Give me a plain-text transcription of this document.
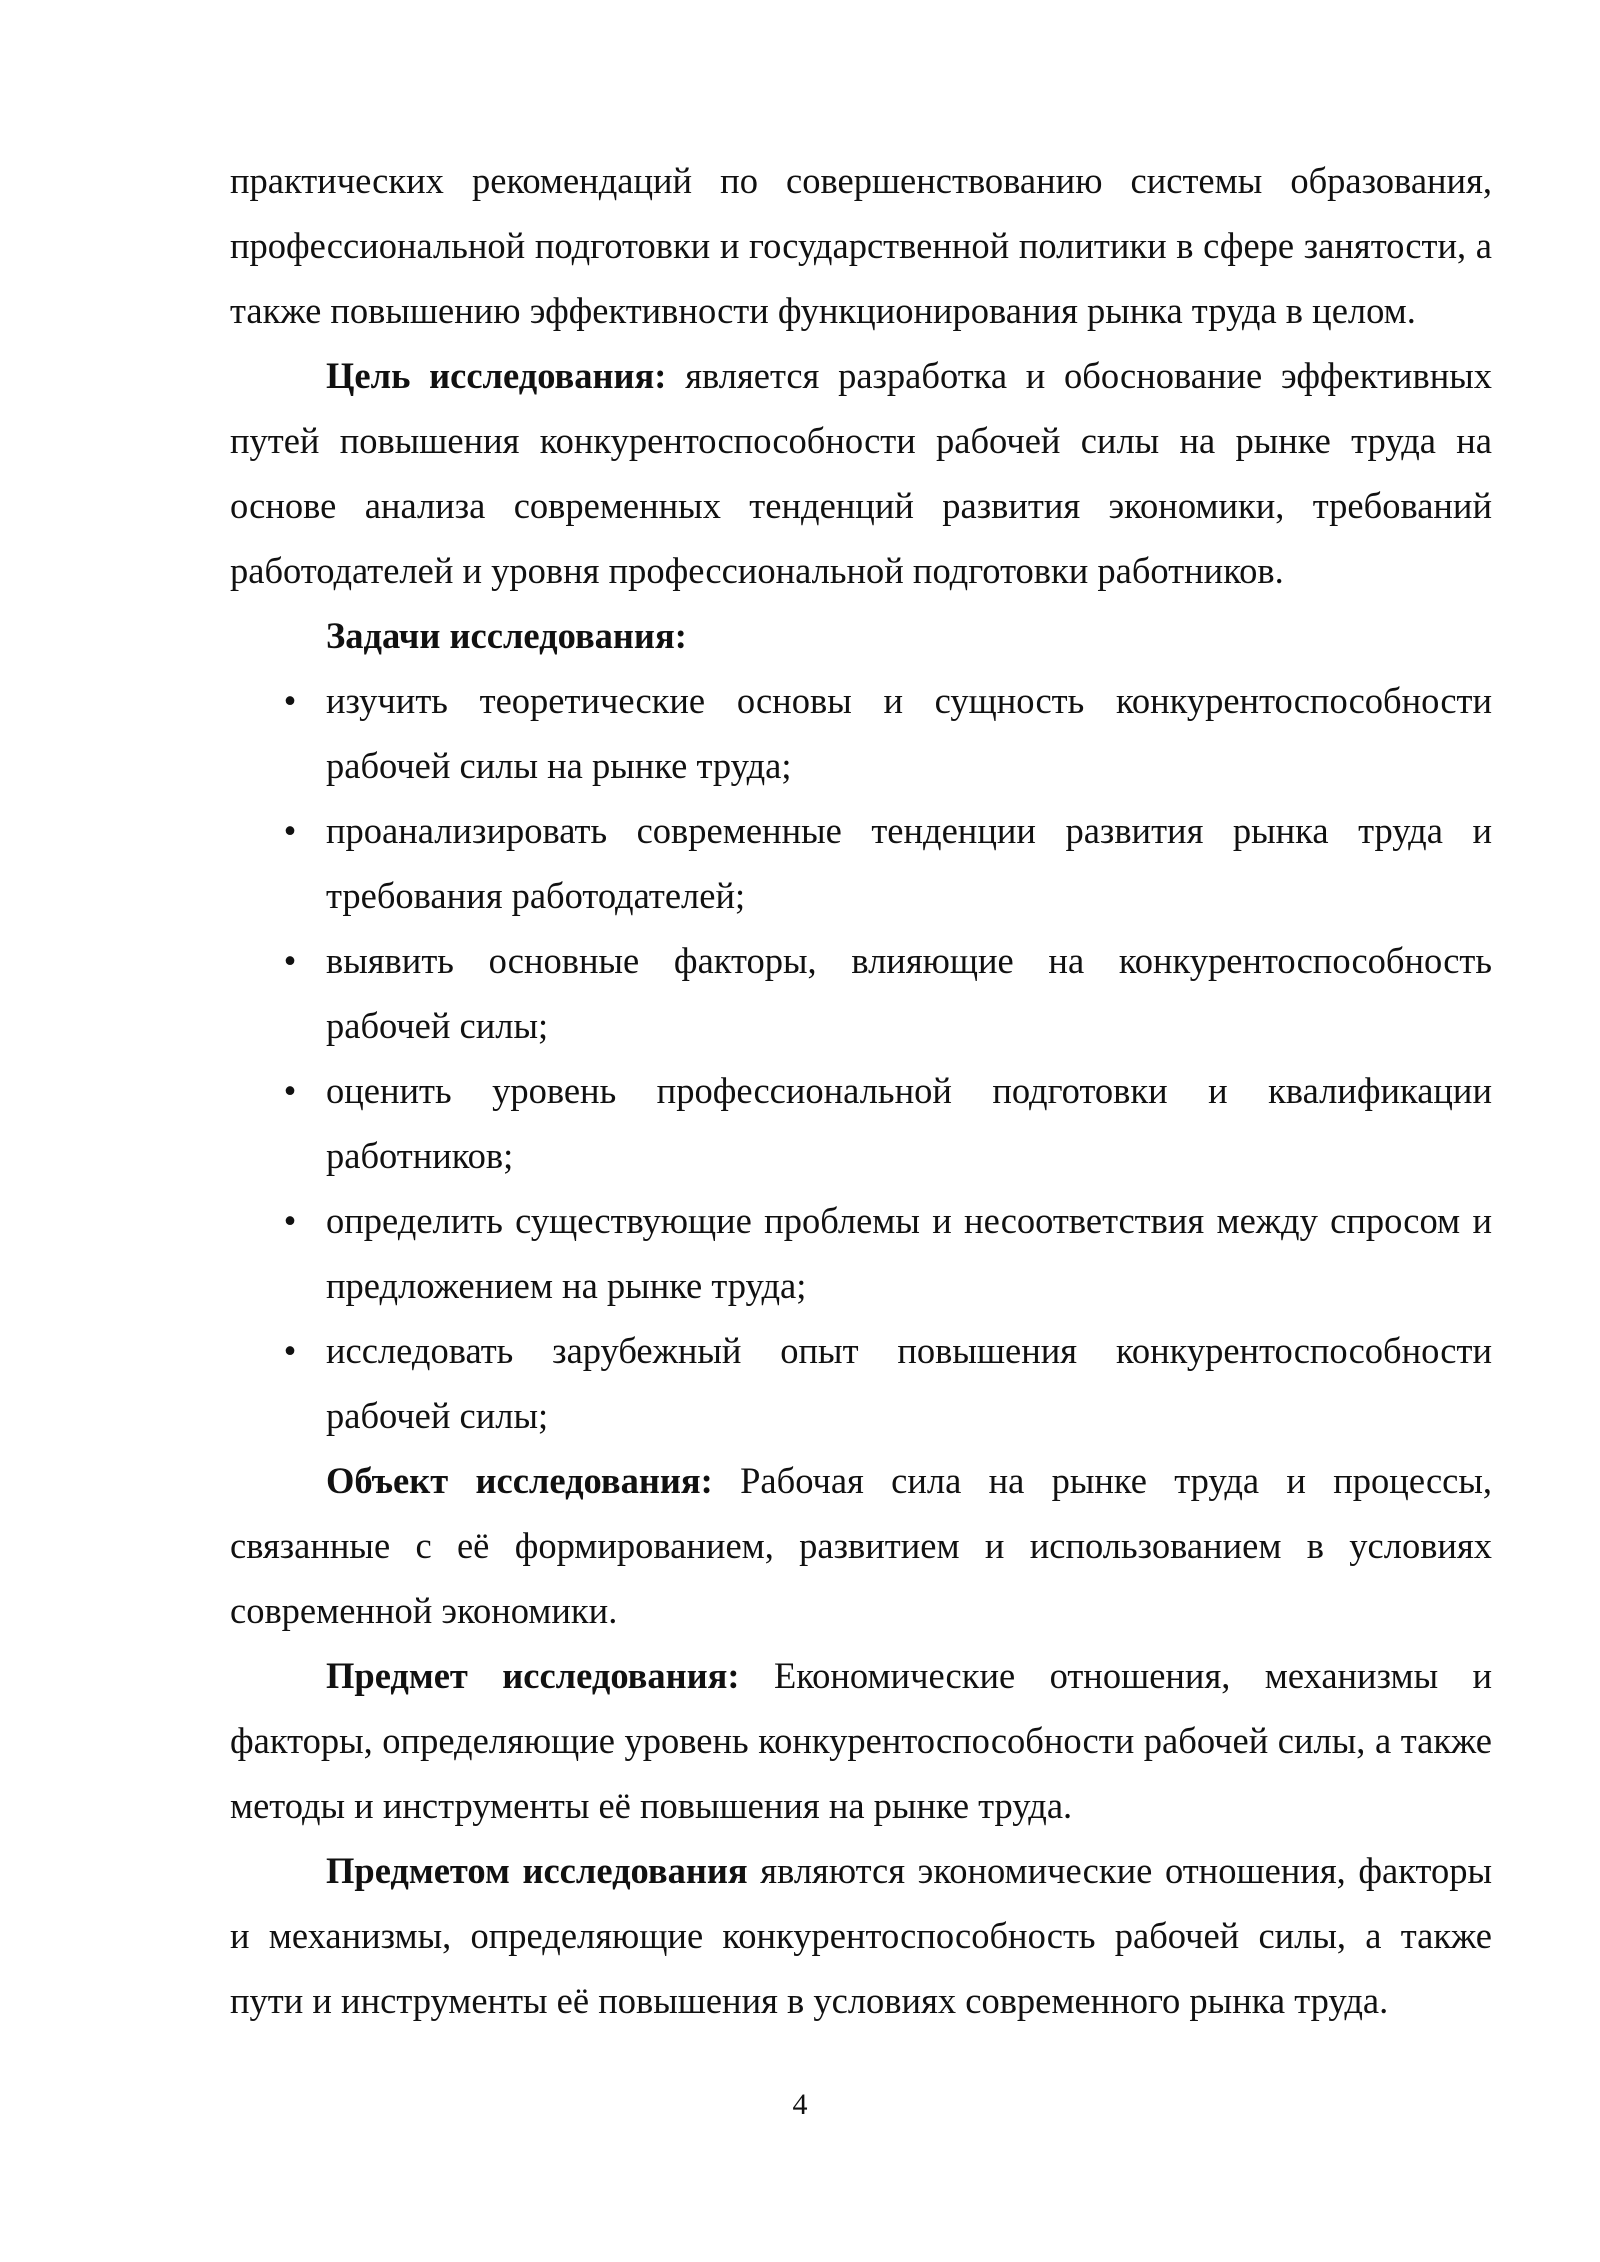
практических рекомендаций по совершенствованию системы образования, профессиональной подготовки и государственной политики в сфере занятости, а также повышению эффективности функционирования рынка труда в целом.

Цель исследования: является разработка и обоснование эффективных путей повышения конкурентоспособности рабочей силы на рынке труда на основе анализа современных тенденций развития экономики, требований работодателей и уровня профессиональной подготовки работников.

Задачи исследования:

• изучить теоретические основы и сущность конкурентоспособности рабочей силы на рынке труда;
• проанализировать современные тенденции развития рынка труда и требования работодателей;
• выявить основные факторы, влияющие на конкурентоспособность рабочей силы;
• оценить уровень профессиональной подготовки и квалификации работников;
• определить существующие проблемы и несоответствия между спросом и предложением на рынке труда;
• исследовать зарубежный опыт повышения конкурентоспособности рабочей силы;

Объект исследования: Рабочая сила на рынке труда и процессы, связанные с её формированием, развитием и использованием в условиях современной экономики.

Предмет исследования: Економические отношения, механизмы и факторы, определяющие уровень конкурентоспособности рабочей силы, а также методы и инструменты её повышения на рынке труда.

Предметом исследования являются экономические отношения, факторы и механизмы, определяющие конкурентоспособность рабочей силы, а также пути и инструменты её повышения в условиях современного рынка труда.

4
